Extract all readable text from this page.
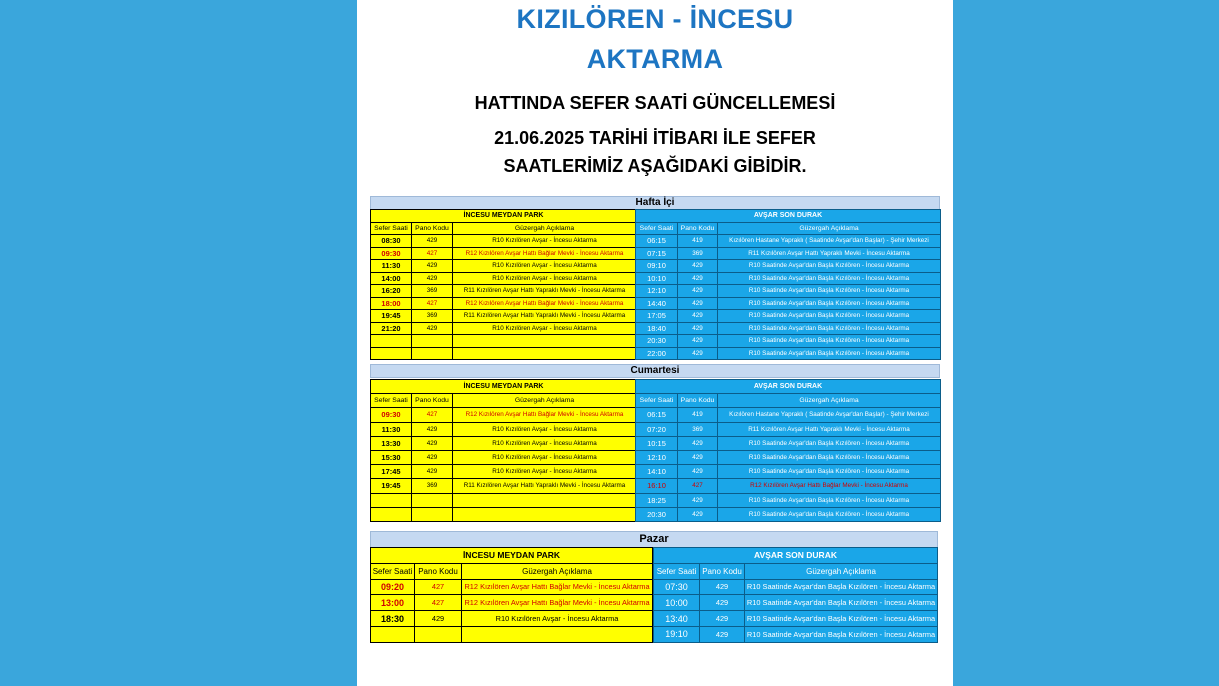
KIZILÖREN - İNCESU
AKTARMA
HATTINDA SEFER SAATİ GÜNCELLEMESİ
21.06.2025 TARİHİ İTİBARI İLE SEFER
SAATLERİMİZ AŞAĞIDAKİ GİBİDİR.
Hafta İçi
İNCESU MEYDAN PARK		
Sefer Saati	Pano Kodu	Güzergah Açıklama
08:30	429	R10 Kızılören Avşar - İncesu Aktarma
09:30	427	R12 Kızılören Avşar Hattı Bağlar Mevki - İncesu Aktarma
11:30	429	R10 Kızılören Avşar - İncesu Aktarma
14:00	429	R10 Kızılören Avşar - İncesu Aktarma
16:20	369	R11 Kızılören Avşar Hattı Yapraklı Mevki - İncesu Aktarma
18:00	427	R12 Kızılören Avşar Hattı Bağlar Mevki - İncesu Aktarma
19:45	369	R11 Kızılören Avşar Hattı Yapraklı Mevki - İncesu Aktarma
21:20	429	R10 Kızılören Avşar - İncesu Aktarma

AVŞAR SON DURAK		
Sefer Saati	Pano Kodu	Güzergah Açıklama
06:15	419	Kızılören Hastane Yapraklı ( Saatinde Avşar'dan Başlar) - Şehir Merkezi
07:15	369	R11 Kızılören Avşar Hattı Yapraklı Mevki - İncesu Aktarma
09:10	429	R10 Saatinde Avşar'dan Başla Kızılören - İncesu Aktarma
10:10	429	R10 Saatinde Avşar'dan Başla Kızılören - İncesu Aktarma
12:10	429	R10 Saatinde Avşar'dan Başla Kızılören - İncesu Aktarma
14:40	429	R10 Saatinde Avşar'dan Başla Kızılören - İncesu Aktarma
17:05	429	R10 Saatinde Avşar'dan Başla Kızılören - İncesu Aktarma
18:40	429	R10 Saatinde Avşar'dan Başla Kızılören - İncesu Aktarma
20:30	429	R10 Saatinde Avşar'dan Başla Kızılören - İncesu Aktarma
22:00	429	R10 Saatinde Avşar'dan Başla Kızılören - İncesu Aktarma
Cumartesi
İNCESU MEYDAN PARK		
Sefer Saati	Pano Kodu	Güzergah Açıklama
09:30	427	R12 Kızılören Avşar Hattı Bağlar Mevki - İncesu Aktarma
11:30	429	R10 Kızılören Avşar - İncesu Aktarma
13:30	429	R10 Kızılören Avşar - İncesu Aktarma
15:30	429	R10 Kızılören Avşar - İncesu Aktarma
17:45	429	R10 Kızılören Avşar - İncesu Aktarma
19:45	369	R11 Kızılören Avşar Hattı Yapraklı Mevki - İncesu Aktarma

AVŞAR SON DURAK		
Sefer Saati	Pano Kodu	Güzergah Açıklama
06:15	419	Kızılören Hastane Yapraklı ( Saatinde Avşar'dan Başlar) - Şehir Merkezi
07:20	369	R11 Kızılören Avşar Hattı Yapraklı Mevki - İncesu Aktarma
10:15	429	R10 Saatinde Avşar'dan Başla Kızılören - İncesu Aktarma
12:10	429	R10 Saatinde Avşar'dan Başla Kızılören - İncesu Aktarma
14:10	429	R10 Saatinde Avşar'dan Başla Kızılören - İncesu Aktarma
16:10	427	R12 Kızılören Avşar Hattı Bağlar Mevki - İncesu Aktarma
18:25	429	R10 Saatinde Avşar'dan Başla Kızılören - İncesu Aktarma
20:30	429	R10 Saatinde Avşar'dan Başla Kızılören - İncesu Aktarma
Pazar
İNCESU MEYDAN PARK		
Sefer Saati	Pano Kodu	Güzergah Açıklama
09:20	427	R12 Kızılören Avşar Hattı Bağlar Mevki - İncesu Aktarma
13:00	427	R12 Kızılören Avşar Hattı Bağlar Mevki - İncesu Aktarma
18:30	429	R10 Kızılören Avşar - İncesu Aktarma

AVŞAR SON DURAK		
Sefer Saati	Pano Kodu	Güzergah Açıklama
07:30	429	R10 Saatinde Avşar'dan Başla Kızılören - İncesu Aktarma
10:00	429	R10 Saatinde Avşar'dan Başla Kızılören - İncesu Aktarma
13:40	429	R10 Saatinde Avşar'dan Başla Kızılören - İncesu Aktarma
19:10	429	R10 Saatinde Avşar'dan Başla Kızılören - İncesu Aktarma
